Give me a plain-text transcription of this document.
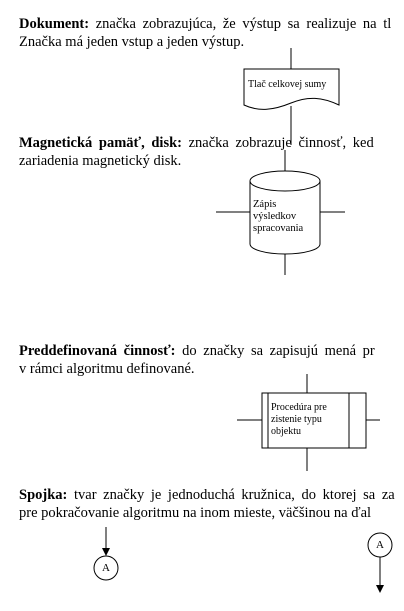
Dokument: značka zobrazujúca, že výstup sa realizuje na tl
Značka má jeden vstup a jeden výstup.
Magnetická pamäť, disk: značka zobrazuje činnosť, ked
zariadenia magnetický disk.
Preddefinovaná činnosť: do značky sa zapisujú mená pr
v rámci algoritmu definované.
Spojka: tvar značky je jednoduchá kružnica, do ktorej sa za
pre pokračovanie algoritmu na inom mieste, väčšinou na ďal
Tlač celkovej sumy
Zápis
výsledkov
spracovania
Procedúra pre
zistenie typu
objektu
A
A
